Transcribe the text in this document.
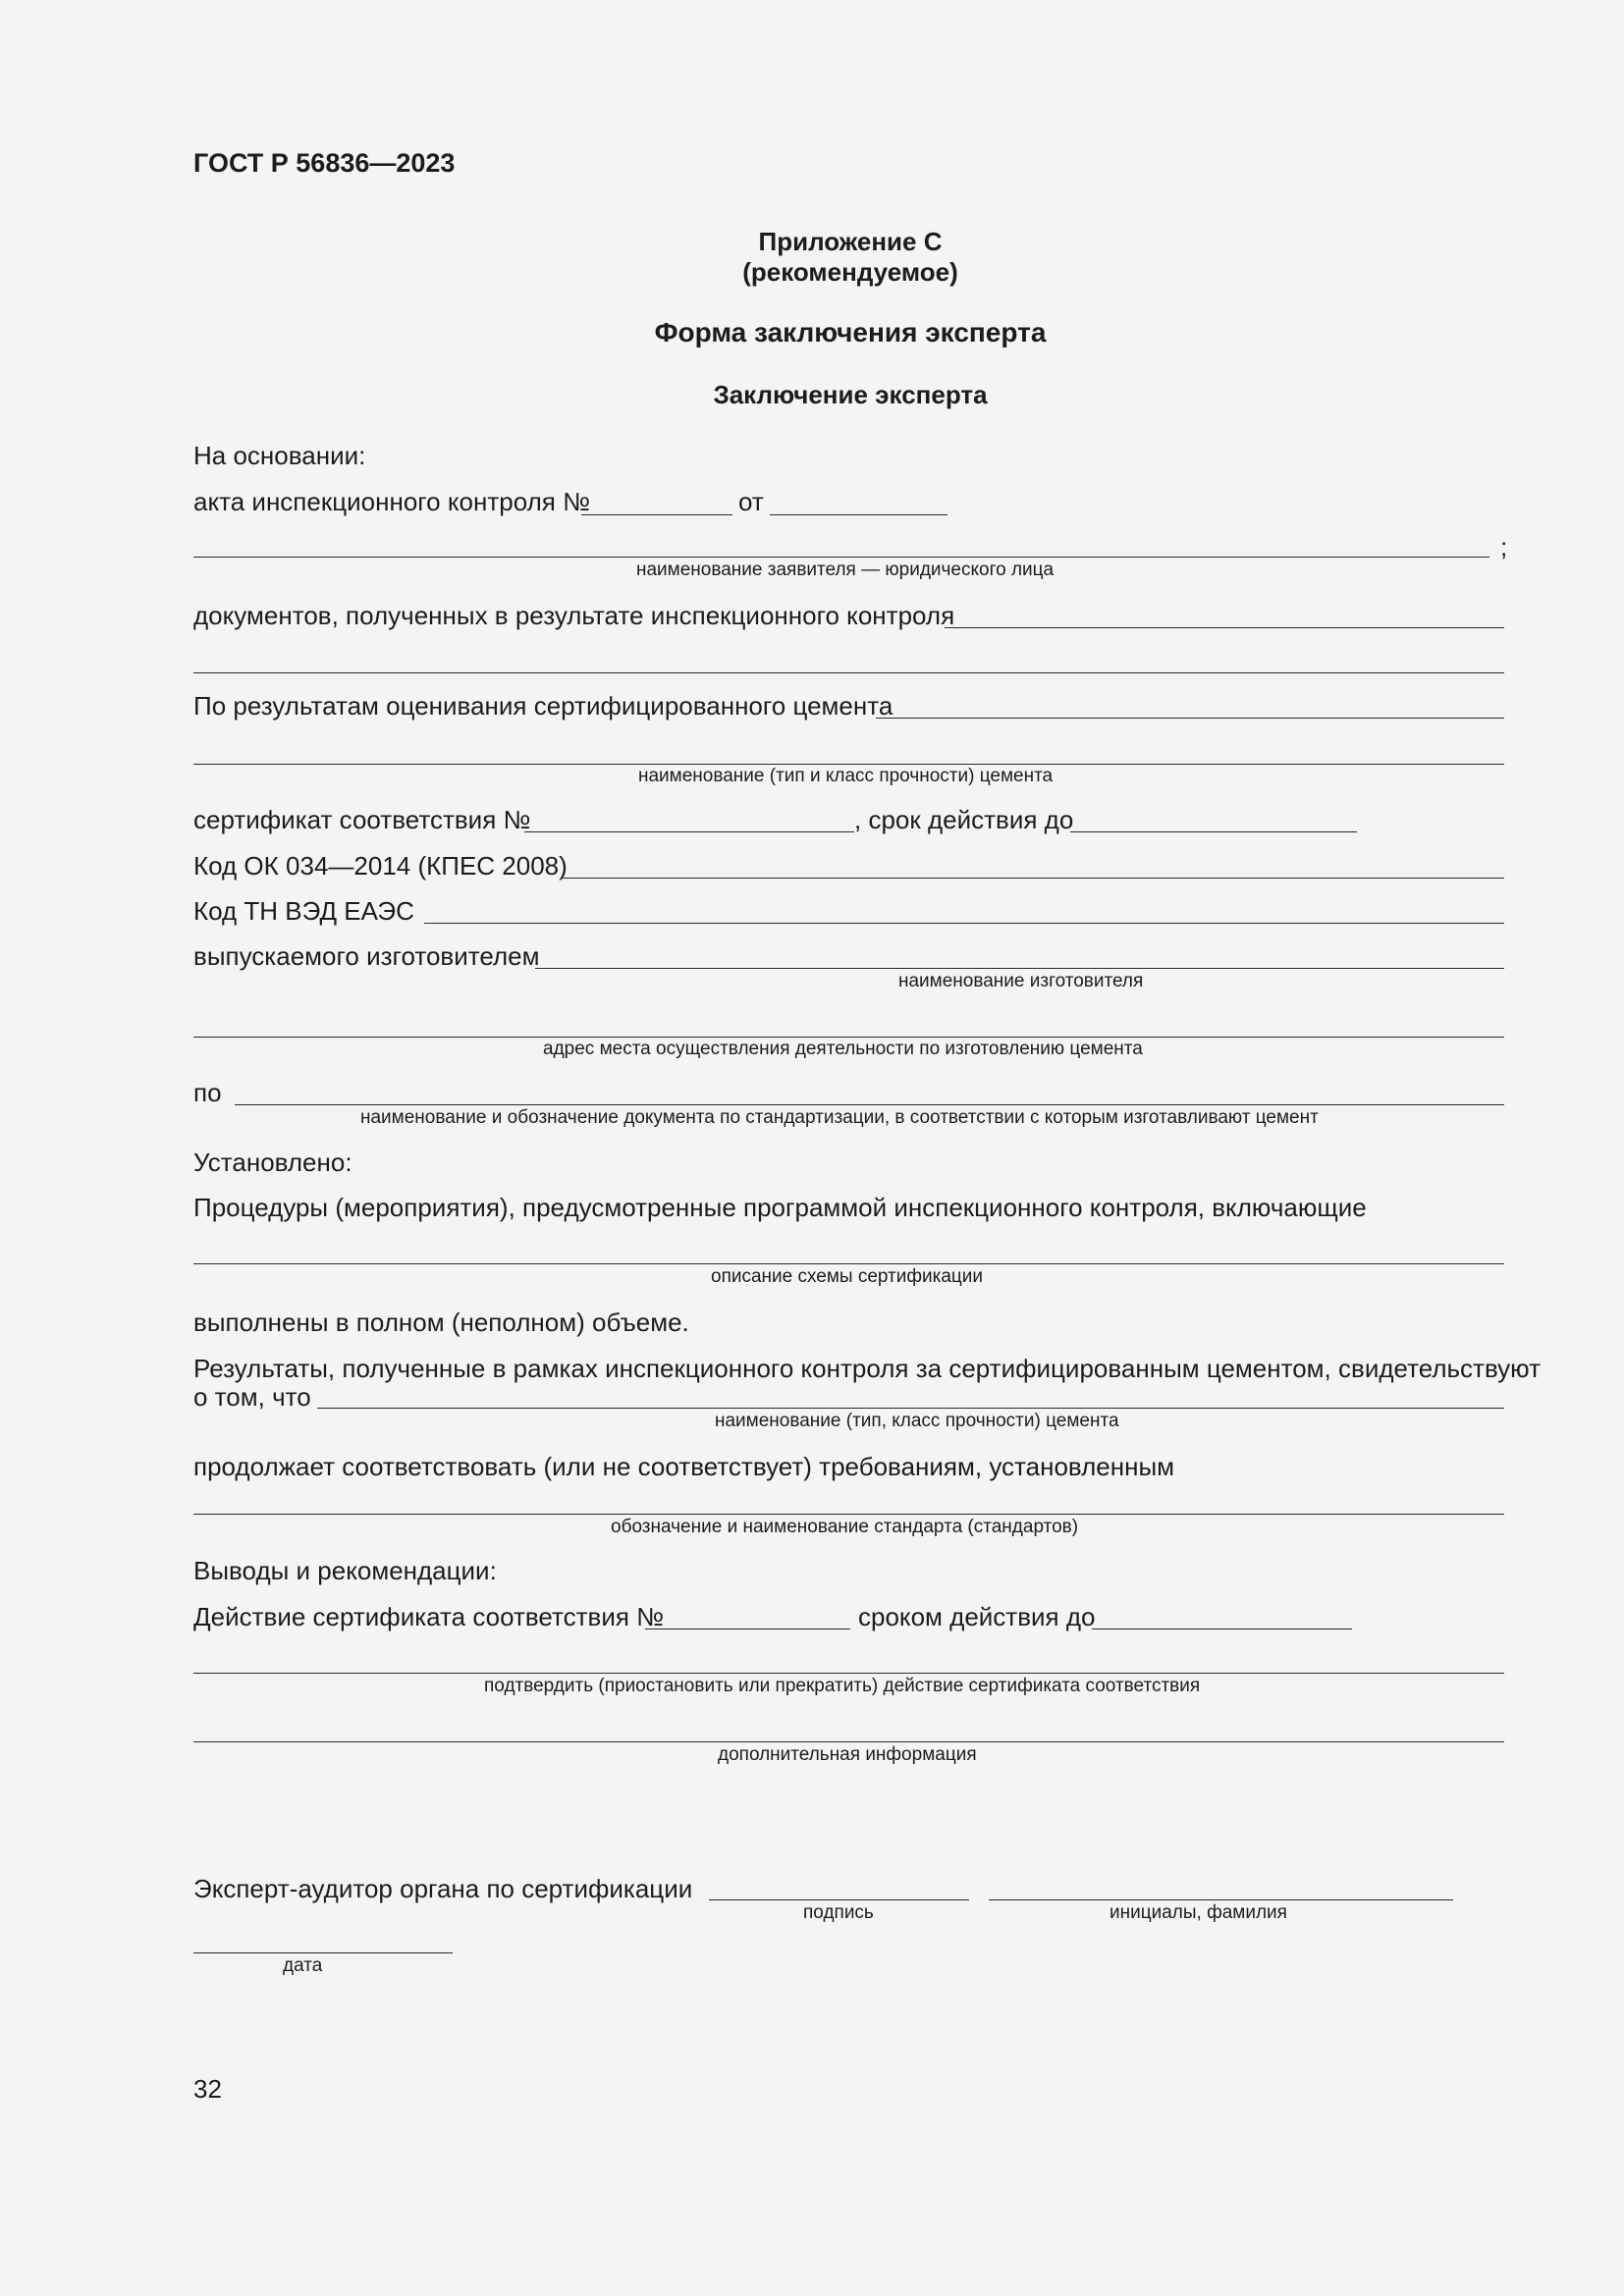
ГОСТ Р 56836—2023
Приложение С
(рекомендуемое)
Форма заключения эксперта
Заключение эксперта
На основании:
акта инспекционного контроля №	от
;
наименование заявителя — юридического лица
документов, полученных в результате инспекционного контроля
По результатам оценивания сертифицированного цемента
наименование (тип и класс прочности) цемента
сертификат соответствия №	, срок действия до
Код ОК 034—2014 (КПЕС 2008)
Код ТН ВЭД ЕАЭС
выпускаемого изготовителем
наименование изготовителя
адрес места осуществления деятельности по изготовлению цемента
по
наименование и обозначение документа по стандартизации, в соответствии с которым изготавливают цемент
Установлено:
Процедуры (мероприятия), предусмотренные программой инспекционного контроля, включающие
описание схемы сертификации
выполнены в полном (неполном) объеме.
Результаты, полученные в рамках инспекционного контроля за сертифицированным цементом, свидетельствуют
о том, что
наименование (тип, класс прочности) цемента
продолжает соответствовать (или не соответствует) требованиям, установленным
обозначение и наименование стандарта (стандартов)
Выводы и рекомендации:
Действие сертификата соответствия №	сроком действия до
подтвердить (приостановить или прекратить) действие сертификата соответствия
дополнительная информация
Эксперт-аудитор органа по сертификации
подпись	инициалы, фамилия
дата
32
